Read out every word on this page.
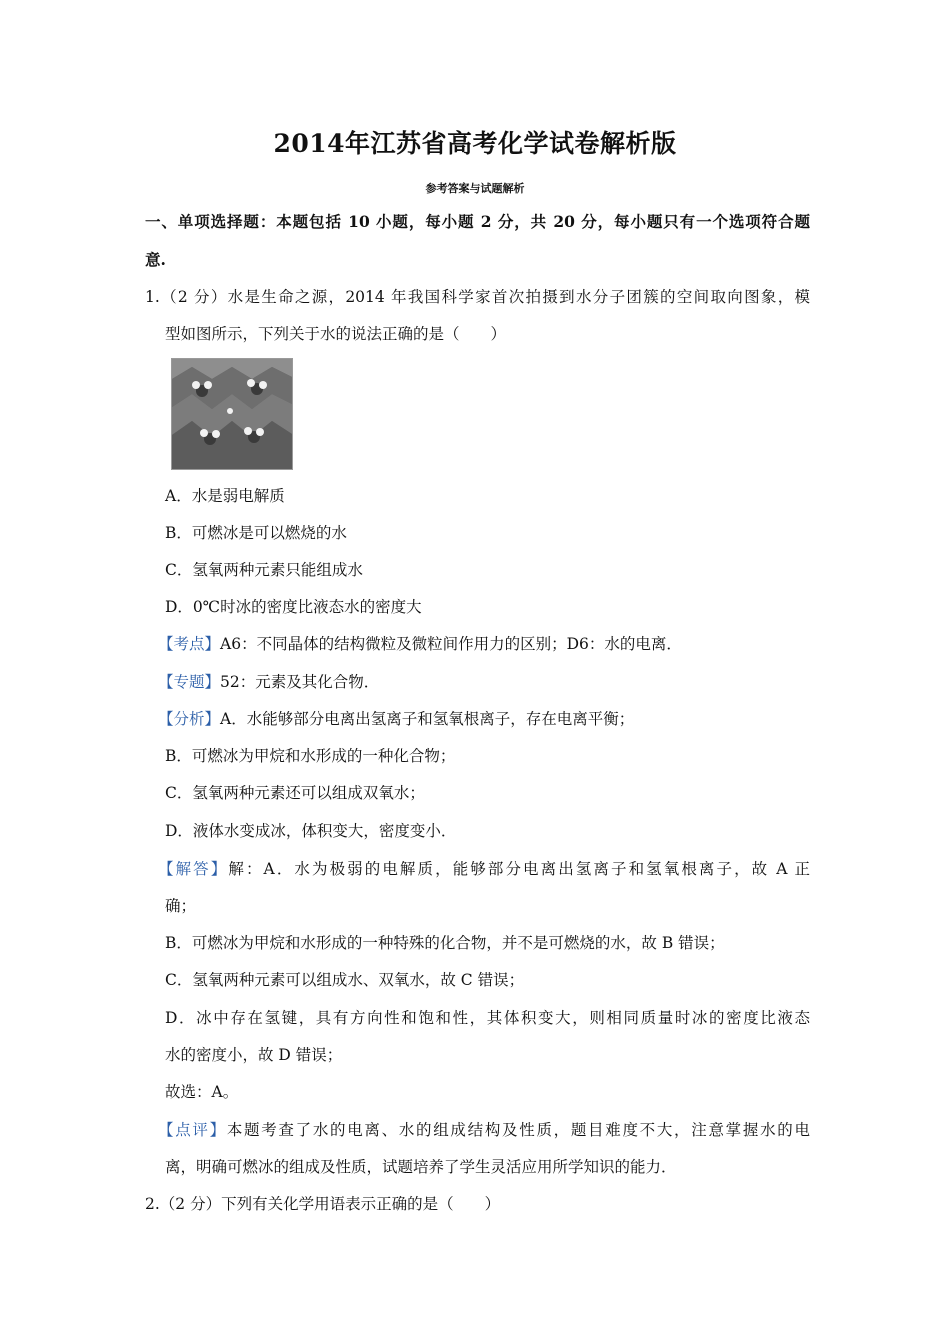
2014年江苏省高考化学试卷解析版
参考答案与试题解析
一、单项选择题：本题包括 10 小题，每小题 2 分，共 20 分，每小题只有一个选项符合题
意.
1.（2 分）水是生命之源，2014 年我国科学家首次拍摄到水分子团簇的空间取向图象，模
型如图所示，下列关于水的说法正确的是（　　）
A．水是弱电解质
B．可燃冰是可以燃烧的水
C．氢氧两种元素只能组成水
D．0℃时冰的密度比液态水的密度大
【考点】A6：不同晶体的结构微粒及微粒间作用力的区别；D6：水的电离．
【专题】52：元素及其化合物．
【分析】A．水能够部分电离出氢离子和氢氧根离子，存在电离平衡；
B．可燃冰为甲烷和水形成的一种化合物；
C．氢氧两种元素还可以组成双氧水；
D．液体水变成冰，体积变大，密度变小．
【解答】解：A．水为极弱的电解质，能够部分电离出氢离子和氢氧根离子，故 A 正
确；
B．可燃冰为甲烷和水形成的一种特殊的化合物，并不是可燃烧的水，故 B 错误；
C．氢氧两种元素可以组成水、双氧水，故 C 错误；
D．冰中存在氢键，具有方向性和饱和性，其体积变大，则相同质量时冰的密度比液态
水的密度小，故 D 错误；
故选：A。
【点评】本题考查了水的电离、水的组成结构及性质，题目难度不大，注意掌握水的电
离，明确可燃冰的组成及性质，试题培养了学生灵活应用所学知识的能力．
2.（2 分）下列有关化学用语表示正确的是（　　）
